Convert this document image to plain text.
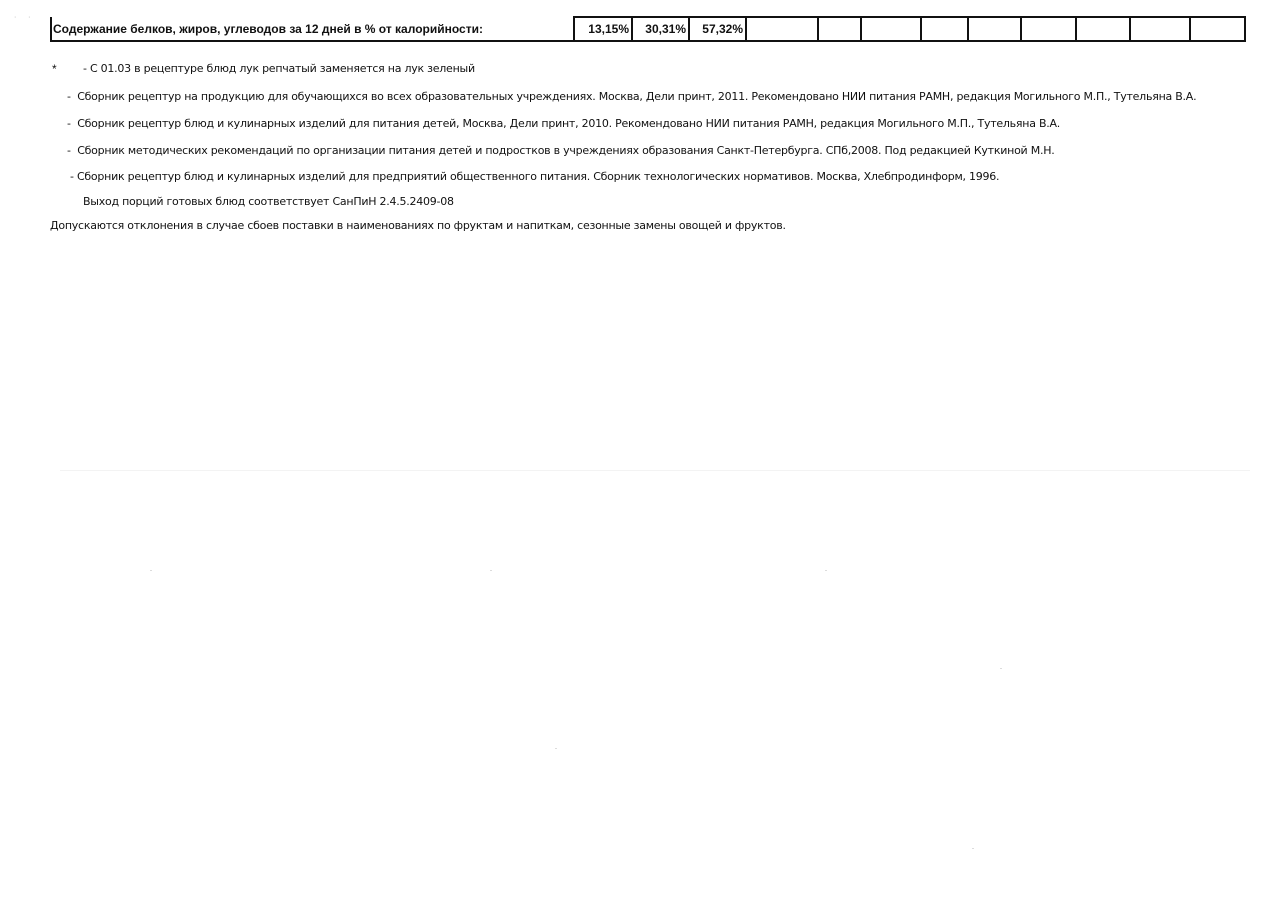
˙ ˙ Содержание белков, жиров, углеводов за 12 дней в % от калорийности:	13,15%	30,31%	57,32%									
* - С 01.03 в рецептуре блюд лук репчатый заменяется на лук зеленый
-  Сборник рецептур на продукцию для обучающихся во всех образовательных учреждениях. Москва, Дели принт, 2011. Рекомендовано НИИ питания РАМН, редакция Могильного М.П., Тутельяна В.А.
-  Сборник рецептур блюд и кулинарных изделий для питания детей, Москва, Дели принт, 2010. Рекомендовано НИИ питания РАМН, редакция Могильного М.П., Тутельяна В.А.
-  Сборник методических рекомендаций по организации питания детей и подростков в учреждениях образования Санкт-Петербурга. СПб,2008. Под редакцией Куткиной М.Н.
- Сборник рецептур блюд и кулинарных изделий для предприятий общественного питания. Сборник технологических нормативов. Москва, Хлебпродинформ, 1996.
Выход порций готовых блюд соответствует СанПиН 2.4.5.2409-08
Допускаются отклонения в случае сбоев поставки в наименованиях по фруктам и напиткам, сезонные замены овощей и фруктов.
